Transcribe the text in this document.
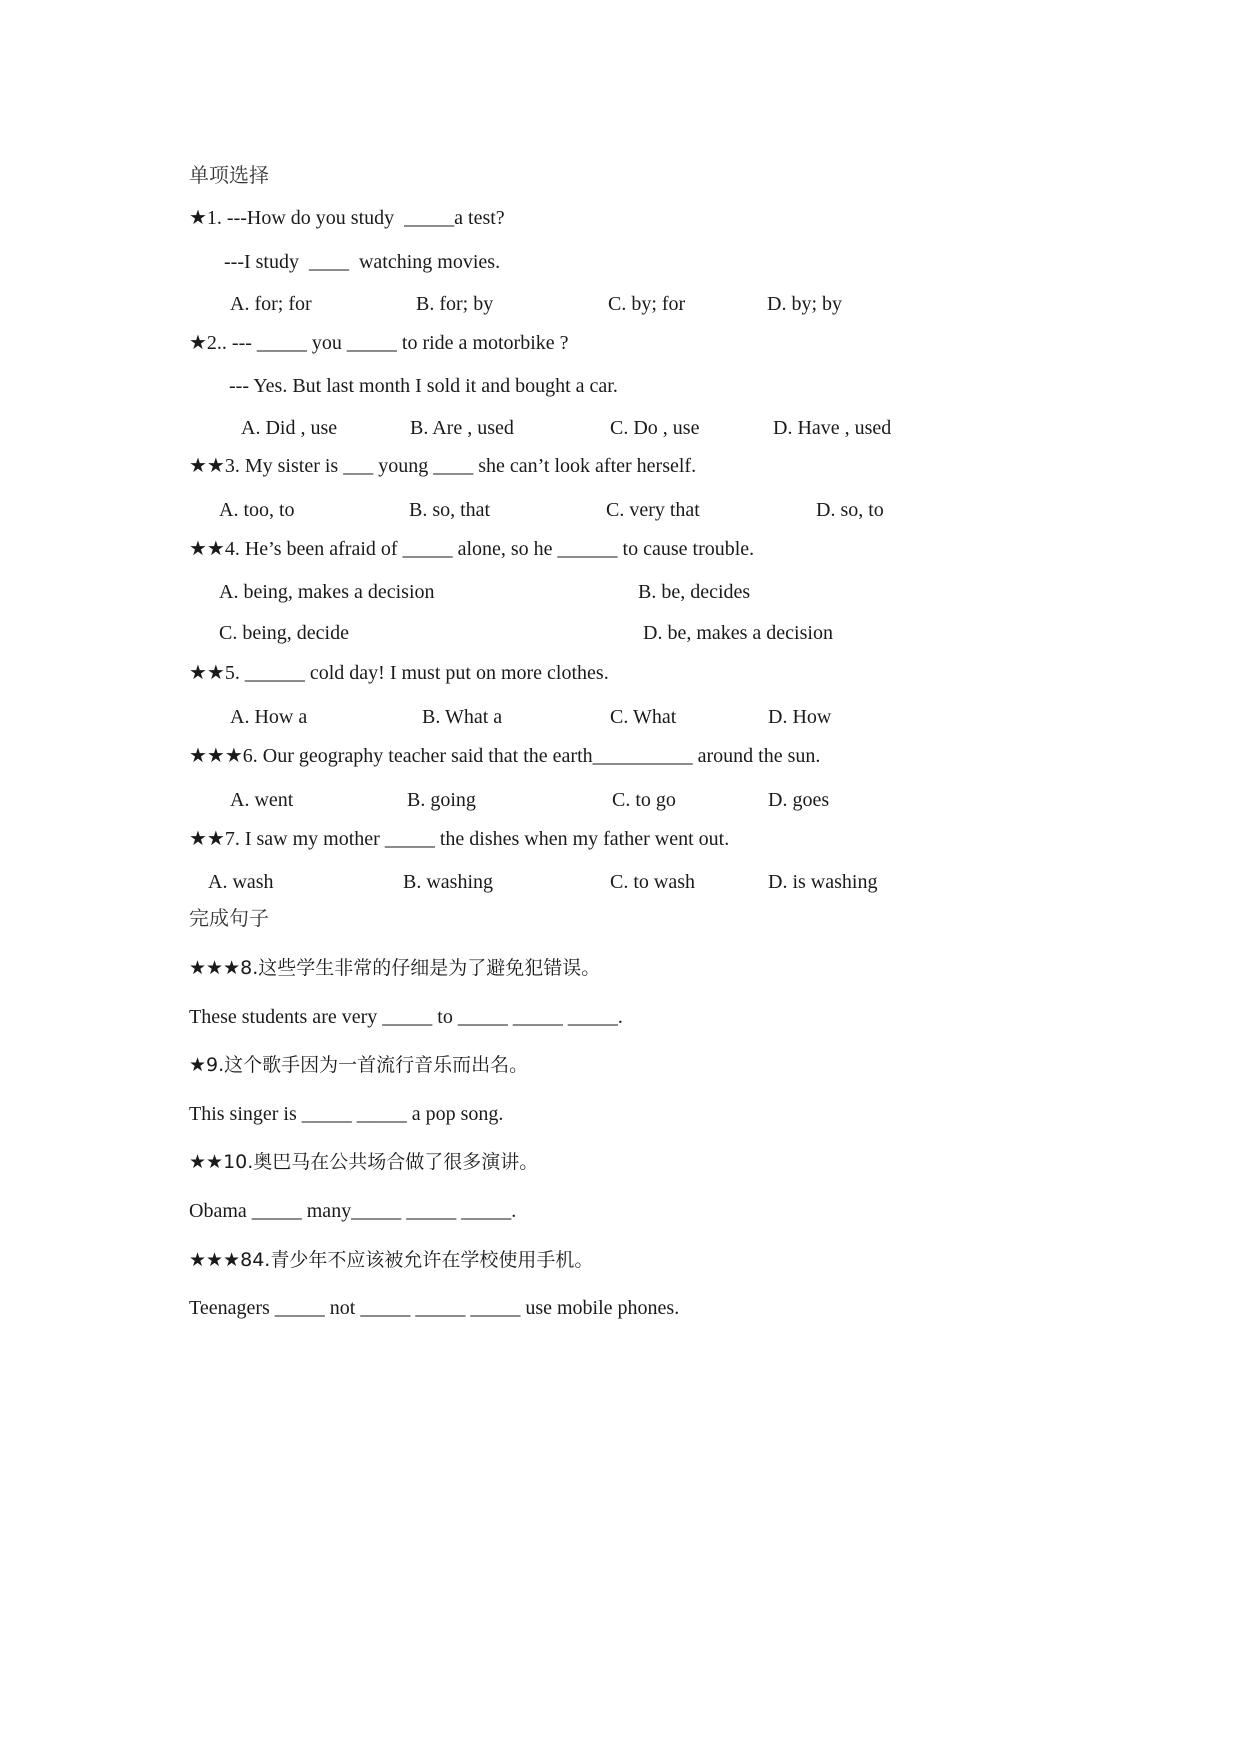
单项选择
★1. ---How do you study  _____a test?
---I study  ____  watching movies.
A. for; for	B. for; by	C. by; for	D. by; by
★2.. --- _____ you _____ to ride a motorbike ?
--- Yes. But last month I sold it and bought a car.
A. Did , use	B. Are , used	C. Do , use	D. Have , used
★★3. My sister is ___ young ____ she can’t look after herself.
A. too, to	B. so, that	C. very that	D. so, to
★★4. He’s been afraid of _____ alone, so he ______ to cause trouble.
A. being, makes a decision	B. be, decides
C. being, decide	D. be, makes a decision
★★5. ______ cold day! I must put on more clothes.
A. How a	B. What a	C. What	D. How
★★★6. Our geography teacher said that the earth__________ around the sun.
A. went	B. going	C. to go	D. goes
★★7. I saw my mother _____ the dishes when my father went out.
A. wash	B. washing	C. to wash	D. is washing
完成句子
★★★8.这些学生非常的仔细是为了避免犯错误。
These students are very _____ to _____ _____ _____.
★9.这个歌手因为一首流行音乐而出名。
This singer is _____ _____ a pop song.
★★10.奥巴马在公共场合做了很多演讲。
Obama _____ many_____ _____ _____.
★★★84.青少年不应该被允许在学校使用手机。
Teenagers _____ not _____ _____ _____ use mobile phones.
